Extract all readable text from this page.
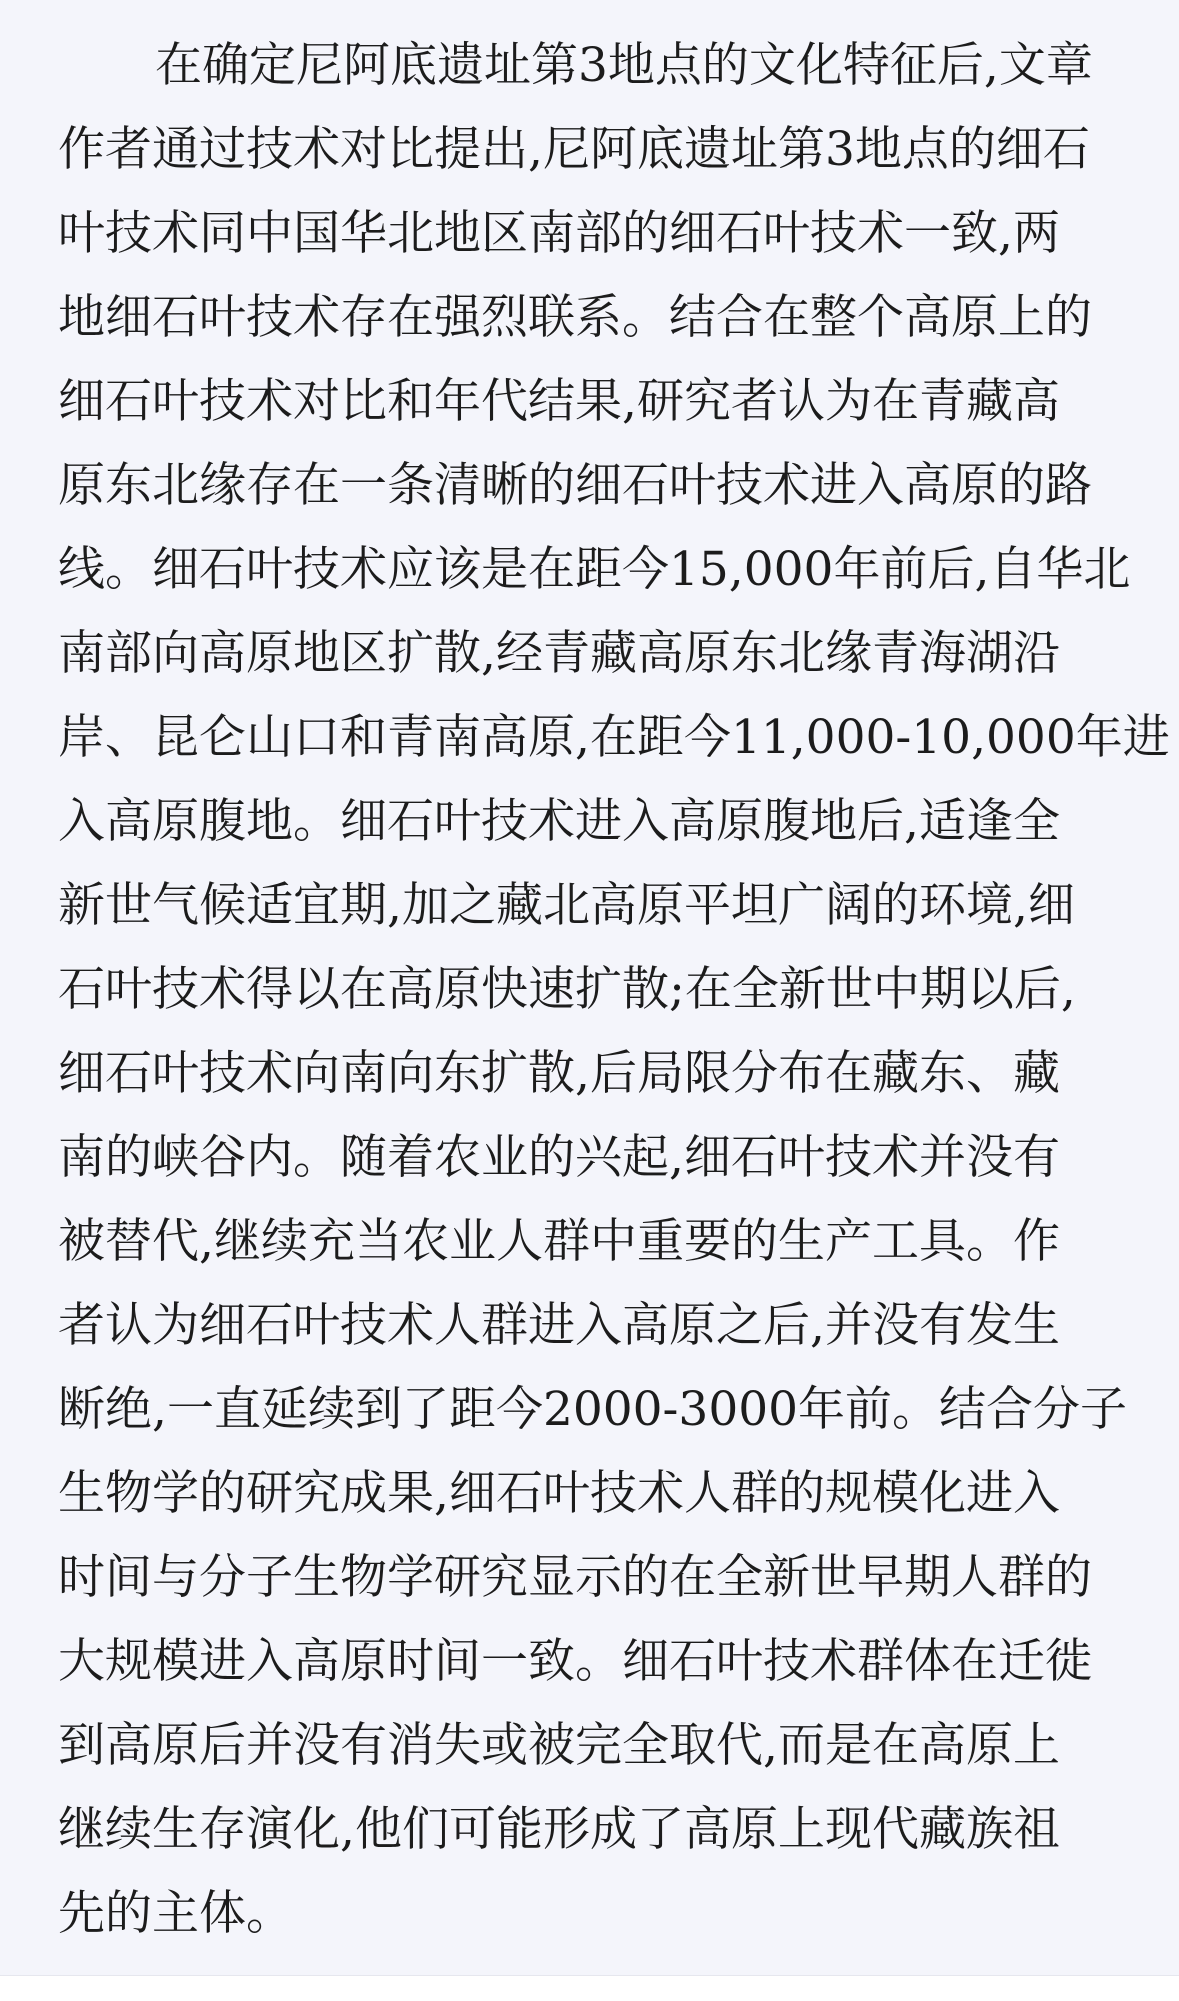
在确定尼阿底遗址第3地点的文化特征后,文章
作者通过技术对比提出,尼阿底遗址第3地点的细石
叶技术同中国华北地区南部的细石叶技术一致,两
地细石叶技术存在强烈联系。结合在整个高原上的
细石叶技术对比和年代结果,研究者认为在青藏高
原东北缘存在一条清晰的细石叶技术进入高原的路
线。细石叶技术应该是在距今15,000年前后,自华北
南部向高原地区扩散,经青藏高原东北缘青海湖沿
岸、昆仑山口和青南高原,在距今11,000-10,000年进
入高原腹地。细石叶技术进入高原腹地后,适逢全
新世气候适宜期,加之藏北高原平坦广阔的环境,细
石叶技术得以在高原快速扩散;在全新世中期以后,
细石叶技术向南向东扩散,后局限分布在藏东、藏
南的峡谷内。随着农业的兴起,细石叶技术并没有
被替代,继续充当农业人群中重要的生产工具。作
者认为细石叶技术人群进入高原之后,并没有发生
断绝,一直延续到了距今2000-3000年前。结合分子
生物学的研究成果,细石叶技术人群的规模化进入
时间与分子生物学研究显示的在全新世早期人群的
大规模进入高原时间一致。细石叶技术群体在迁徙
到高原后并没有消失或被完全取代,而是在高原上
继续生存演化,他们可能形成了高原上现代藏族祖
先的主体。
